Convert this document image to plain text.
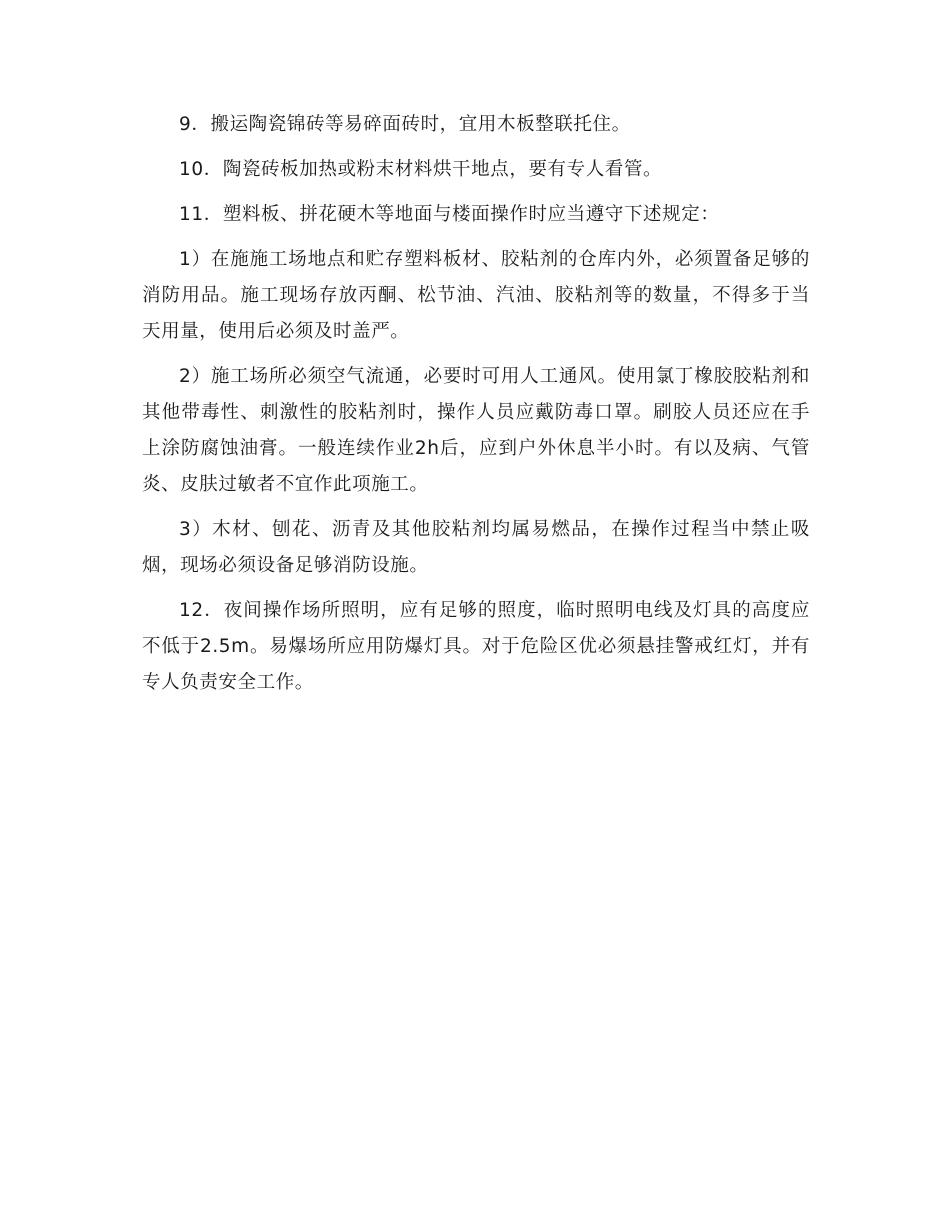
9．搬运陶瓷锦砖等易碎面砖时，宜用木板整联托住。

10．陶瓷砖板加热或粉末材料烘干地点，要有专人看管。

11．塑料板、拼花硬木等地面与楼面操作时应当遵守下述规定：

1）在施施工场地点和贮存塑料板材、胶粘剂的仓库内外，必须置备足够的消防用品。施工现场存放丙酮、松节油、汽油、胶粘剂等的数量，不得多于当天用量，使用后必须及时盖严。

2）施工场所必须空气流通，必要时可用人工通风。使用氯丁橡胶胶粘剂和其他带毒性、刺激性的胶粘剂时，操作人员应戴防毒口罩。刷胶人员还应在手上涂防腐蚀油膏。一般连续作业2h后，应到户外休息半小时。有以及病、气管炎、皮肤过敏者不宜作此项施工。

3）木材、刨花、沥青及其他胶粘剂均属易燃品，在操作过程当中禁止吸烟，现场必须设备足够消防设施。

12．夜间操作场所照明，应有足够的照度，临时照明电线及灯具的高度应不低于2.5m。易爆场所应用防爆灯具。对于危险区优必须悬挂警戒红灯，并有专人负责安全工作。
